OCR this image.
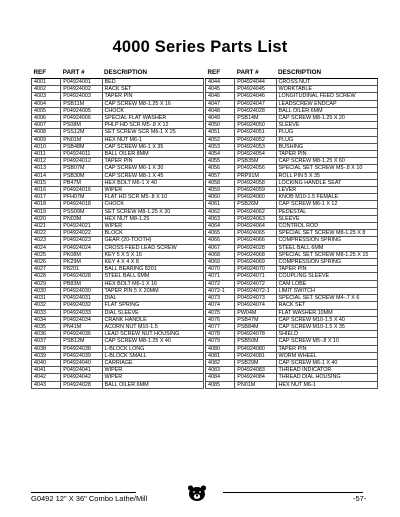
4000 Series Parts List
REF	PART #	DESCRIPTION
4001	P04924001	BED
4002	P04924002	RACK SET
4003	P04924003	TAPER PIN
4004	PSB11M	CAP SCREW M8-1.25 X 16
4005	P04924005	CHOCK
4006	P04924006	SPECIAL FLAT WASHER
4007	PS08M	PHLP HD SCR M5-.8 X 12
4008	PSS12M	SET SCREW SCR M6-1 X 25
4009	PN01M	HEX NUT M6-1
4010	PSB48M	CAP SCREW M6-1 X 35
4011	P04924011	BALL OILER 8MM
4012	P04924012	TAPER PIN
4013	PSB07M	CAP SCREW M6-1 X 30
4014	PSB30M	CAP SCREW M8-1 X 45
4015	PB47M	HEX BOLT M6-1 X 40
4016	P04924016	WIPER
4017	PFH07M	FLAT HD SCR M5-.8 X 10
4018	P04924018	CHOCK
4019	PSS09M	SET SCREW M8-1.25 X 20
4020	PN03M	HEX NUT M8-1.25
4021	P04924021	WIPER
4022	P04924022	BLOCK
4023	P04924023	GEAR (20-TOOTH)
4024	P04924024	CROSS FEED LEAD SCREW
4025	PK08M	KEY 5 X 5 X 16
4026	PK29M	KEY 4 X 4 X 8
4027	P8201	BALL BEARING 8201
4028	P04924028	STEEL BALL 6MM
4029	PB83M	HEX BOLT M6-1 X 16
4030	P04924030	TAPER PIN 5 X 20MM
4031	P04924031	DIAL
4032	P04924032	FLAT SPRING
4033	P04924033	DIAL SLEEVE
4034	P04924034	CRANK HANDLE
4035	PN41M	ACORN NUT M10-1.5
4036	P04924036	LEAD SCREW NUT HOUSING
4037	PSB12M	CAP SCREW M8-1.25 X 40
4038	P04924038	L-BLOCK LONG
4039	P04924039	L-BLOCK SMALL
4040	P04924040	CARRIAGE
4041	P04924041	WIPER
4042	P04924042	WIPER
4043	P04924028	BALL OILER 6MM
REF	PART #	DESCRIPTION
4044	P04924044	CROSS NUT
4045	P04924045	WORKTABLE
4046	P04924046	LONGITUDINAL FEED SCREW
4047	P04924047	LEADSCREW ENDCAP
4048	P04924028	BALL OILER 6MM
4049	PSB14M	CAP SCREW M8-1.25 X 20
4050	P04924050	SLEEVE
4051	P04924051	PLUG
4052	P04924052	PLUG
4053	P04924053	BUSHING
4054	P04924054	TAPER PIN
4055	PSB35M	CAP SCREW M8-1.25 X 60
4056	P04924056	SPECIAL SET SCREW M5-.8 X 10
4057	PRP91M	ROLL PIN 5 X 35
4058	P04924058	LOCKING HANDLE SEAT
4059	P04924059	LEVER
4060	P04924060	KNOB M10-1.5 FEMALE
4061	PSB26M	CAP SCREW M6-1 X 12
4062	P04924062	PEDESTAL
4063	P04924063	SLEEVE
4064	P04924064	CONTROL ROD
4065	P04924065	SPECIAL SET SCREW M8-1.25 X 8
4066	P04924066	COMPRESSION SPRING
4067	P04924028	STEEL BALL 6MM
4068	P04924068	SPECIAL SET SCREW M8-1.25 X 15
4069	P04924069	COMPRESSION SPRING
4070	P04924070	TAPER PIN
4071	P04924071	COUPLING SLEEVE
4072	P04924072	CAM LOBE
4072-1	P04924072-1	LIMIT SWITCH
4073	P04924073	SPECIAL SET SCREW M4-.7 X 6
4074	P04924074	RACK SET
4075	PW04M	FLAT WASHER 10MM
4076	PSB47M	CAP SCREW M10-1.5 X 40
4077	PSB84M	CAP SCREW M10-1.5 X 35
4078	P04924078	SHIELD
4079	PSB50M	CAP SCREW M5-.8 X 10
4080	P04924080	TAPER PIN
4081	P04924081	WORM WHEEL
4082	PSB29M	CAP SCREW M6-1 X 40
4083	P04924083	THREAD INDICATOR
4084	P04924084	THREAD DIAL HOUSING
4085	PN01M	HEX NUT M6-1
G0492 12" X 36" Combo Lathe/Mill	-57-
